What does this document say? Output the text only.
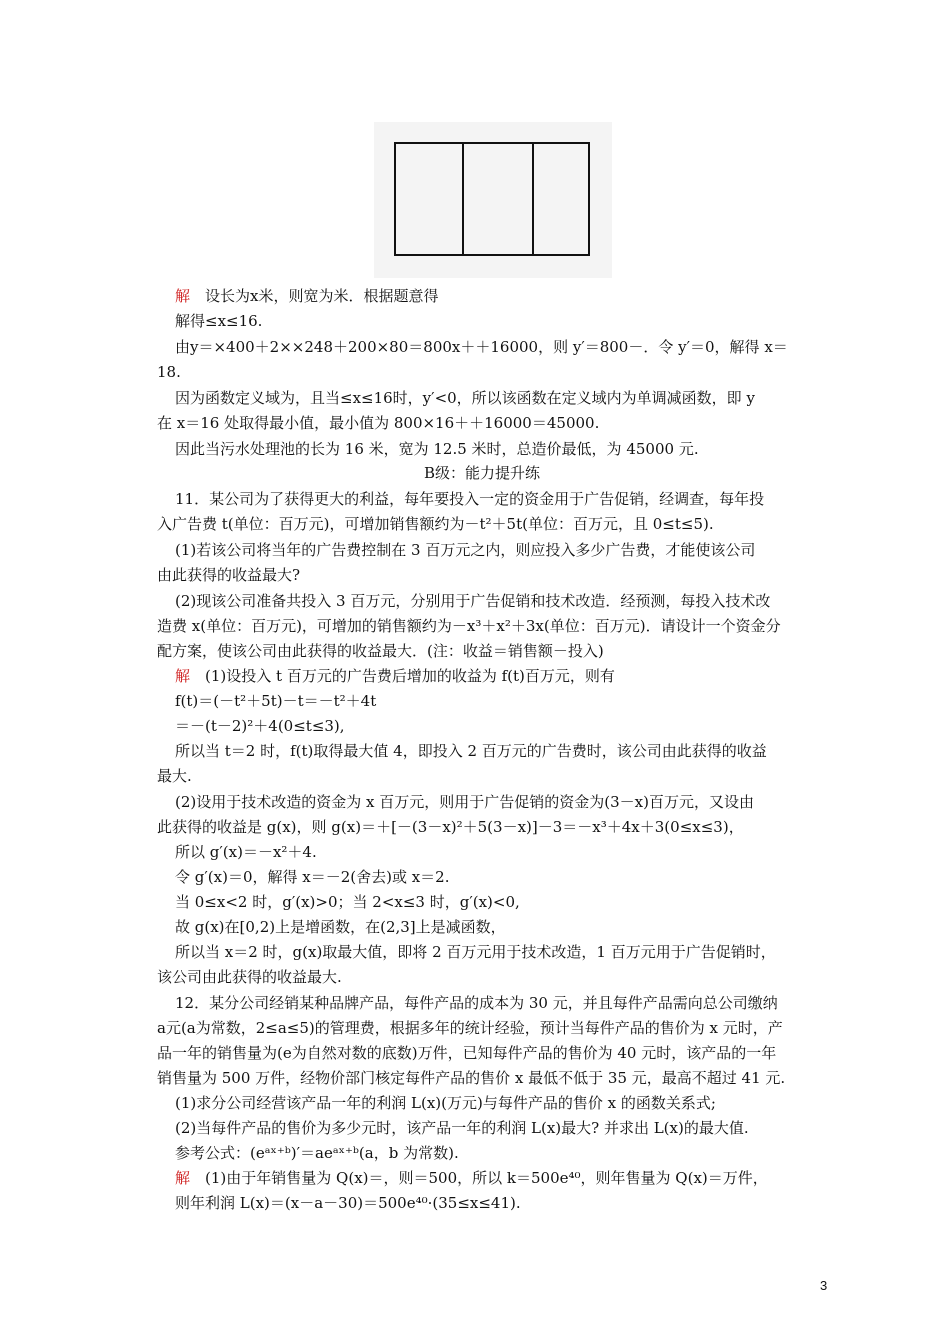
解　 设长为x米，则宽为米．根据题意得
解得≤x≤16.
由y＝×400＋2××248＋200×80＝800x＋＋16000，则 y′＝800－．令 y′＝0，解得 x＝
18.
因为函数定义域为，且当≤x≤16时，y′<0，所以该函数在定义域内为单调减函数，即 y
在 x＝16 处取得最小值，最小值为 800×16＋＋16000＝45000.
因此当污水处理池的长为 16 米，宽为 12.5 米时，总造价最低，为 45000 元.
B级：能力提升练
11．某公司为了获得更大的利益，每年要投入一定的资金用于广告促销，经调查，每年投
入广告费 t(单位：百万元)，可增加销售额约为－t²＋5t(单位：百万元，且 0≤t≤5).
(1)若该公司将当年的广告费控制在 3 百万元之内，则应投入多少广告费，才能使该公司
由此获得的收益最大?
(2)现该公司准备共投入 3 百万元，分别用于广告促销和技术改造．经预测，每投入技术改
造费 x(单位：百万元)，可增加的销售额约为－x³＋x²＋3x(单位：百万元)．请设计一个资金分
配方案，使该公司由此获得的收益最大．(注：收益＝销售额－投入)
解　 (1)设投入 t 百万元的广告费后增加的收益为 f(t)百万元，则有
f(t)＝(－t²＋5t)－t＝－t²＋4t
＝－(t－2)²＋4(0≤t≤3),
所以当 t＝2 时，f(t)取得最大值 4，即投入 2 百万元的广告费时，该公司由此获得的收益
最大.
(2)设用于技术改造的资金为 x 百万元，则用于广告促销的资金为(3－x)百万元，又设由
此获得的收益是 g(x)，则 g(x)＝＋[－(3－x)²＋5(3－x)]－3＝－x³＋4x＋3(0≤x≤3)，
所以 g′(x)＝－x²＋4.
令 g′(x)＝0，解得 x＝－2(舍去)或 x＝2.
当 0≤x<2 时，g′(x)>0；当 2<x≤3 时，g′(x)<0,
故 g(x)在[0,2)上是增函数，在(2,3]上是减函数，
所以当 x＝2 时，g(x)取最大值，即将 2 百万元用于技术改造，1 百万元用于广告促销时，
该公司由此获得的收益最大.
12．某分公司经销某种品牌产品，每件产品的成本为 30 元，并且每件产品需向总公司缴纳
a元(a为常数，2≤a≤5)的管理费，根据多年的统计经验，预计当每件产品的售价为 x 元时，产
品一年的销售量为(e为自然对数的底数)万件，已知每件产品的售价为 40 元时，该产品的一年
销售量为 500 万件，经物价部门核定每件产品的售价 x 最低不低于 35 元，最高不超过 41 元.
(1)求分公司经营该产品一年的利润 L(x)(万元)与每件产品的售价 x 的函数关系式;
(2)当每件产品的售价为多少元时，该产品一年的利润 L(x)最大? 并求出 L(x)的最大值.
参考公式：(eᵃˣ⁺ᵇ)′＝aeᵃˣ⁺ᵇ(a，b 为常数).
解　 (1)由于年销售量为 Q(x)＝，则＝500，所以 k＝500e⁴⁰，则年售量为 Q(x)＝万件，
则年利润 L(x)＝(x－a－30)＝500e⁴⁰·(35≤x≤41).
3
